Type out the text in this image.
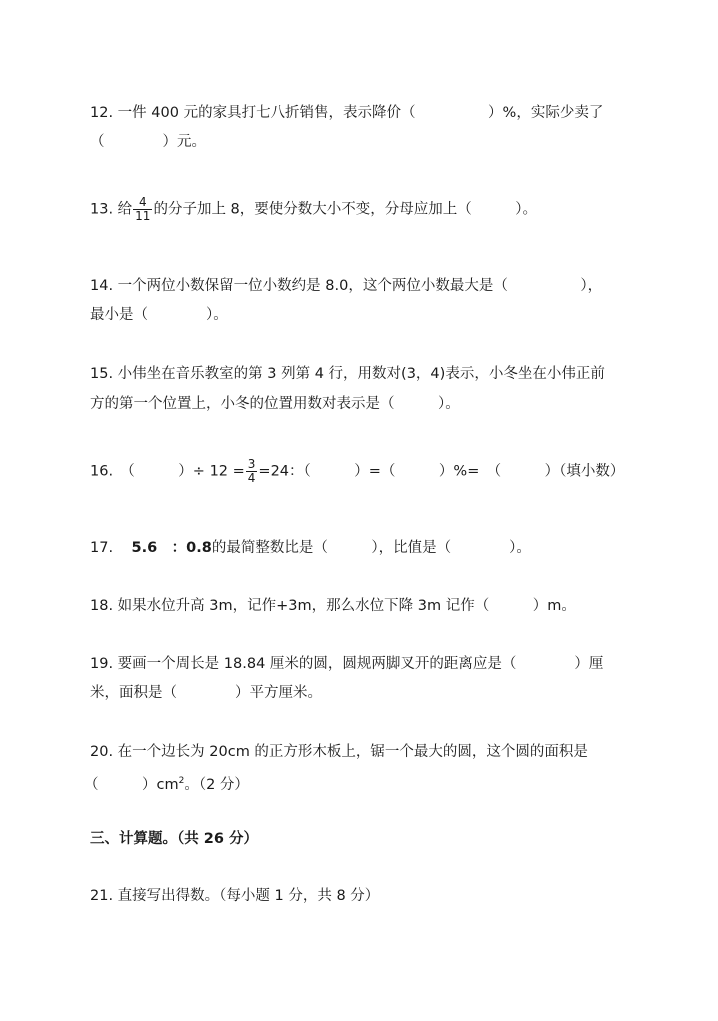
12. 一件 400 元的家具打七八折销售，表示降价（　　　　　）%，实际少卖了
（　　　　）元。
13. 给 $\frac{4}{11}$ 的分子加上 8，要使分数大小不变，分母应加上（　　　）。
14. 一个两位小数保留一位小数约是 8.0，这个两位小数最大是（　　　　　），
最小是（　　　　）。
15. 小伟坐在音乐教室的第 3 列第 4 行，用数对(3，4)表示，小冬坐在小伟正前
方的第一个位置上，小冬的位置用数对表示是（　　　）。
16.　（　　　）÷ $12 = \frac{3}{4} =24$：（　　　）=（　　　）%=　（　　　）（填小数）
17. 5.6　：0.8的最简整数比是（　　　），比值是（　　　　）。
18. 如果水位升高 3m，记作+3m，那么水位下降 3m 记作（　　　）m。
19. 要画一个周长是 18.84 厘米的圆，圆规两脚叉开的距离应是（　　　　）厘
米，面积是（　　　　）平方厘米。
20. 在一个边长为 20cm 的正方形木板上，锯一个最大的圆，这个圆的面积是
（　　　）$cm^2$。（2 分）
三、计算题。（共 26 分）
21. 直接写出得数。（每小题 1 分，共 8 分）
